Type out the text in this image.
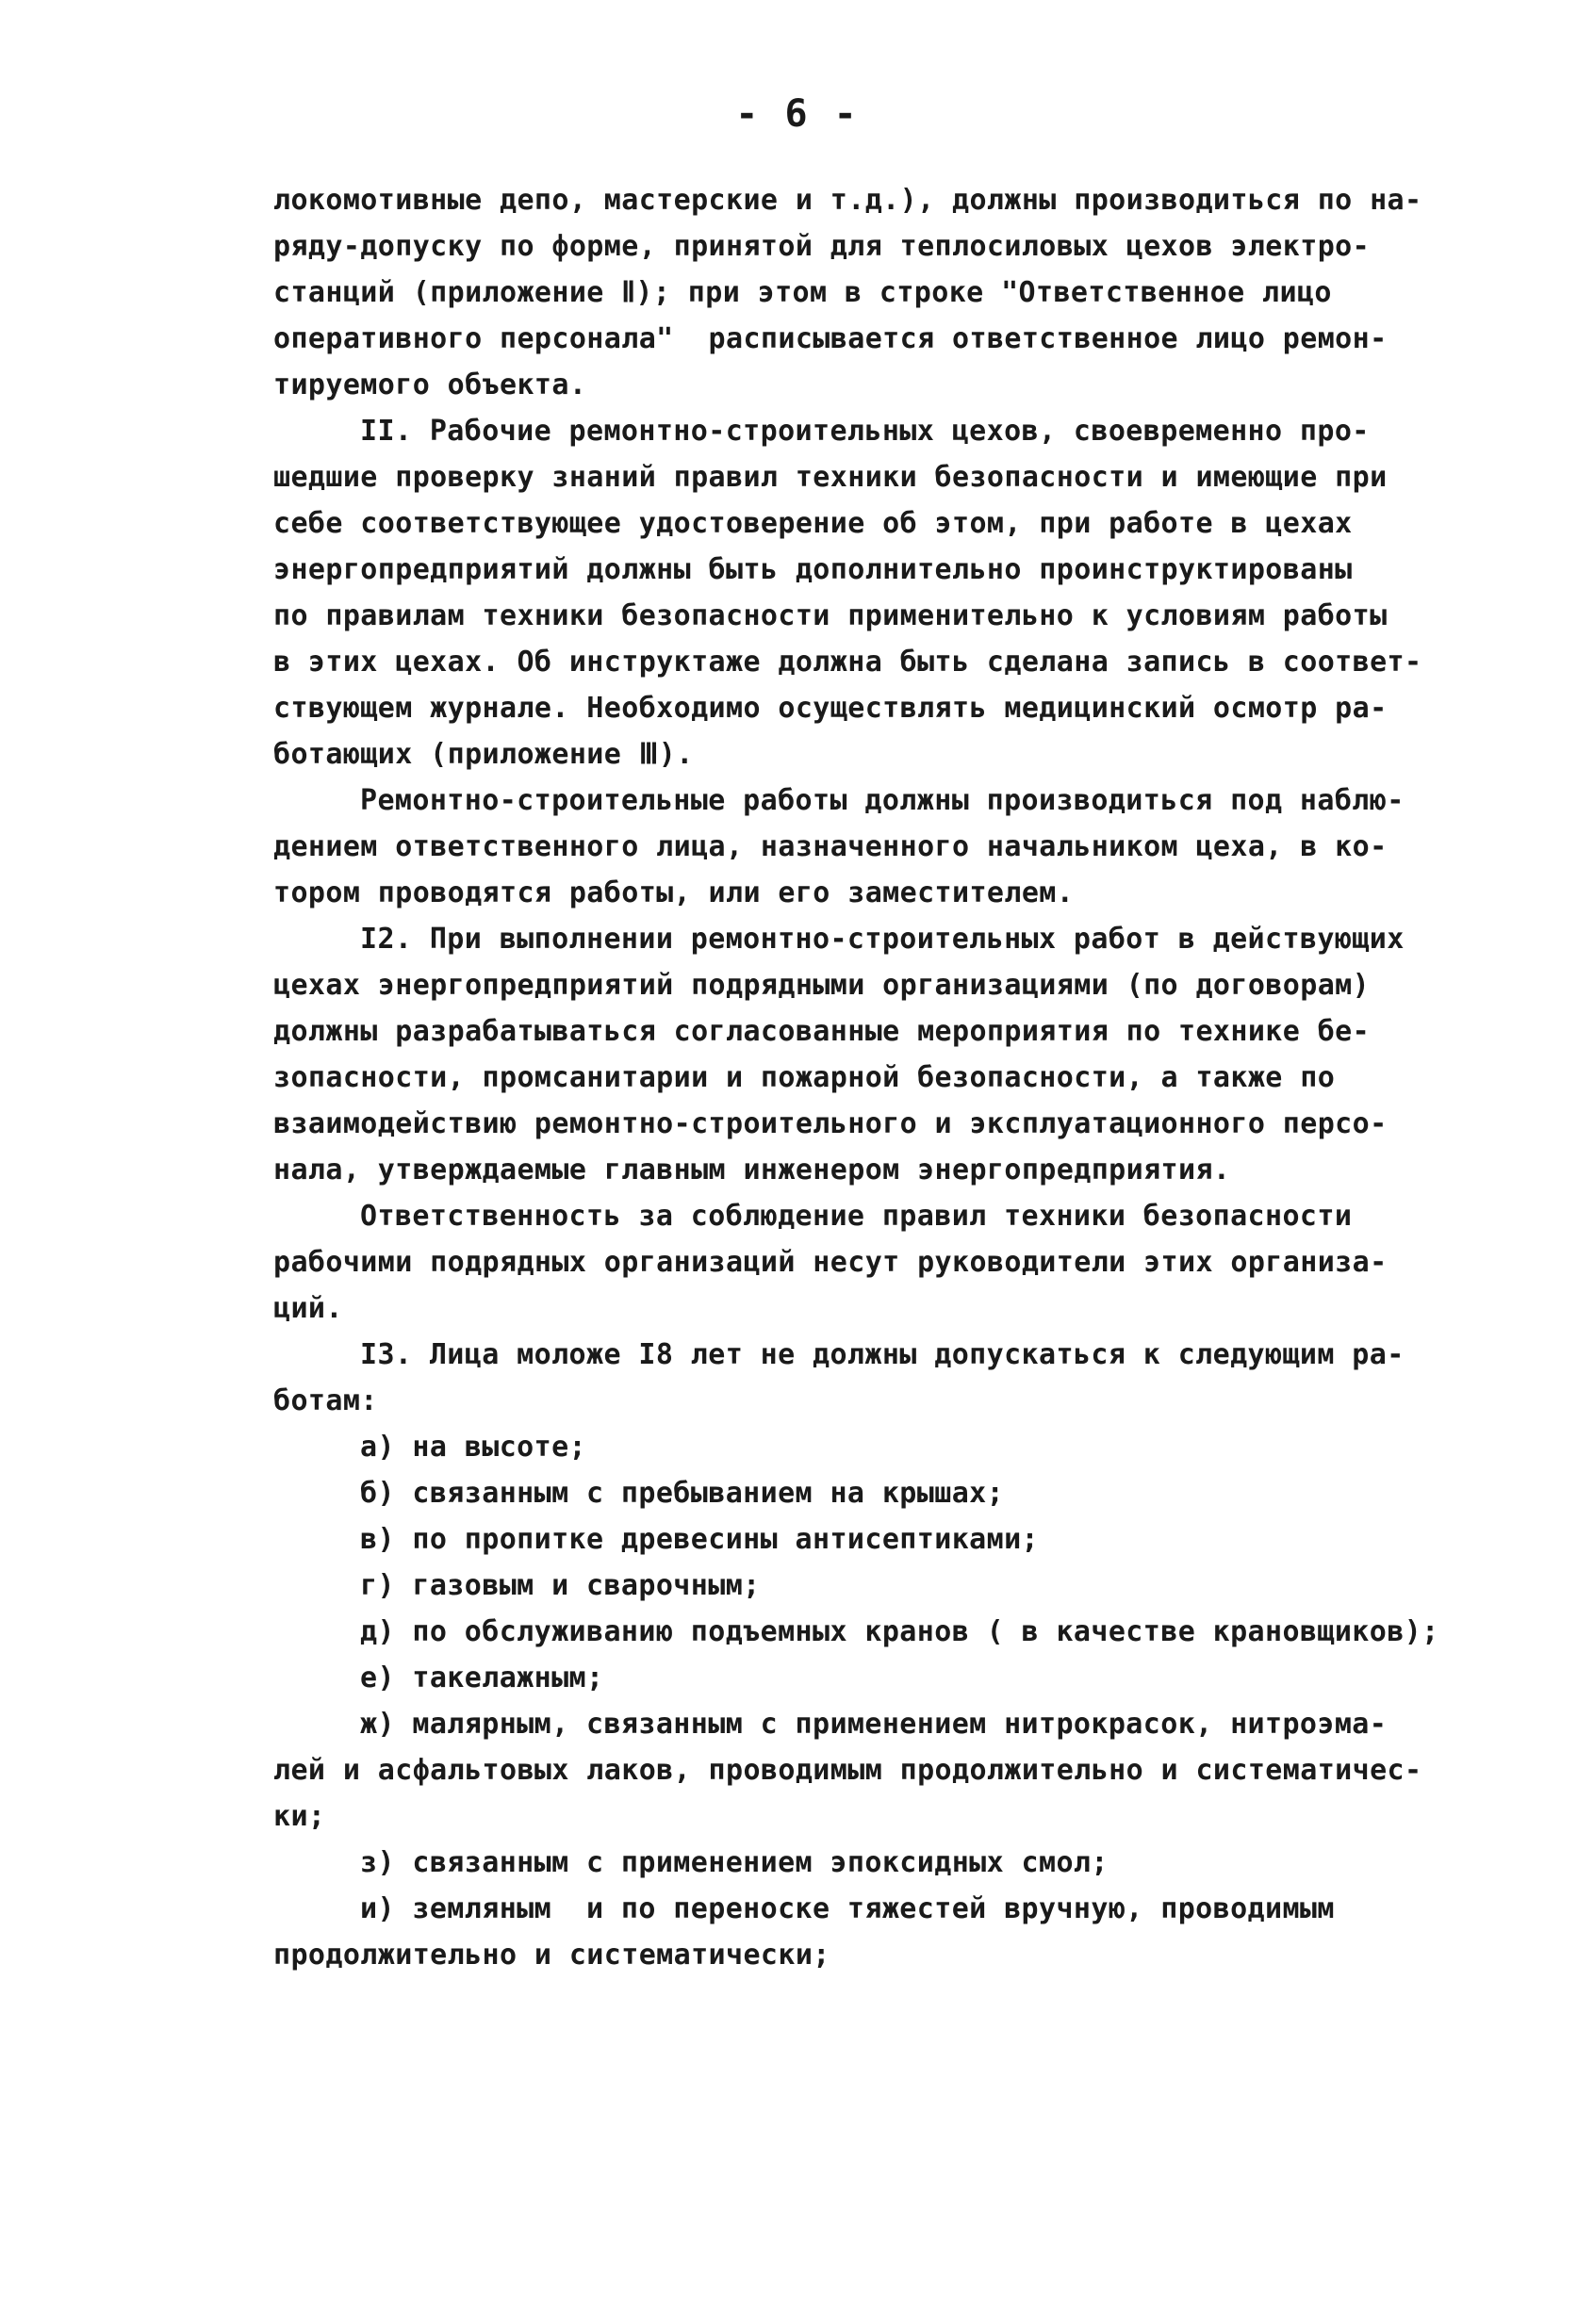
- 6 -
локомотивные депо, мастерские и т.д.), должны производиться по на-
ряду-допуску по форме, принятой для теплосиловых цехов электро-
станций (приложение Ⅱ); при этом в строке "Ответственное лицо
оперативного персонала"  расписывается ответственное лицо ремон-
тируемого объекта.
II. Рабочие ремонтно-строительных цехов, своевременно про-
шедшие проверку знаний правил техники безопасности и имеющие при
себе соответствующее удостоверение об этом, при работе в цехах
энергопредприятий должны быть дополнительно проинструктированы
по правилам техники безопасности применительно к условиям работы
в этих цехах. Об инструктаже должна быть сделана запись в соответ-
ствующем журнале. Необходимо осуществлять медицинский осмотр ра-
ботающих (приложение Ⅲ).
Ремонтно-строительные работы должны производиться под наблю-
дением ответственного лица, назначенного начальником цеха, в ко-
тором проводятся работы, или его заместителем.
I2. При выполнении ремонтно-строительных работ в действующих
цехах энергопредприятий подрядными организациями (по договорам)
должны разрабатываться согласованные мероприятия по технике бе-
зопасности, промсанитарии и пожарной безопасности, а также по
взаимодействию ремонтно-строительного и эксплуатационного персо-
нала, утверждаемые главным инженером энергопредприятия.
Ответственность за соблюдение правил техники безопасности
рабочими подрядных организаций несут руководители этих организа-
ций.
I3. Лица моложе I8 лет не должны допускаться к следующим ра-
ботам:
а) на высоте;
б) связанным с пребыванием на крышах;
в) по пропитке древесины антисептиками;
г) газовым и сварочным;
д) по обслуживанию подъемных кранов ( в качестве крановщиков);
е) такелажным;
ж) малярным, связанным с применением нитрокрасок, нитроэма-
лей и асфальтовых лаков, проводимым продолжительно и систематичес-
ки;
з) связанным с применением эпоксидных смол;
и) земляным  и по переноске тяжестей вручную, проводимым
продолжительно и систематически;
